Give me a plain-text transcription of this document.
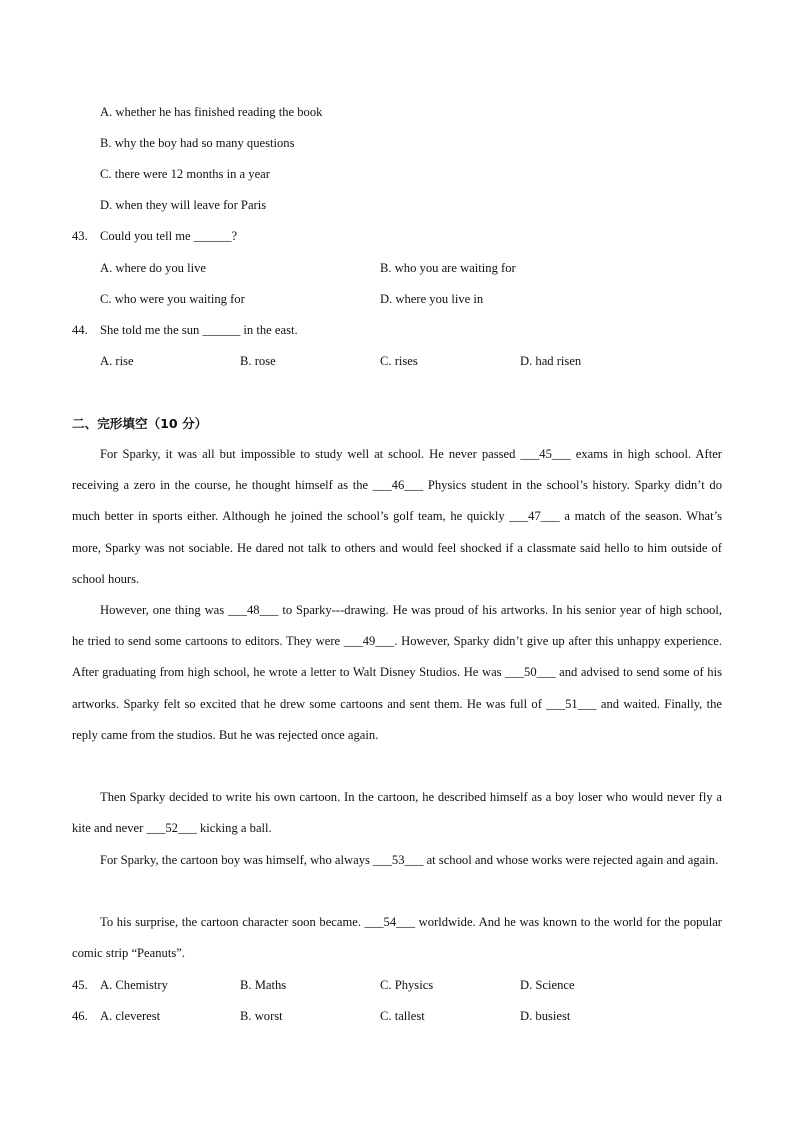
A. whether he has finished reading the book
B. why the boy had so many questions
C. there were 12 months in a year
D. when they will leave for Paris
43. Could you tell me ______?
A. where do you live	B. who you are waiting for
C. who were you waiting for	D. where you live in
44. She told me the sun ______ in the east.
A. rise	B. rose	C. rises	D. had risen
二、完形填空（10 分）
For Sparky, it was all but impossible to study well at school. He never passed ___45___ exams in high school. After receiving a zero in the course, he thought himself as the ___46___ Physics student in the school’s history. Sparky didn’t do much better in sports either. Although he joined the school’s golf team, he quickly ___47___ a match of the season. What’s more, Sparky was not sociable. He dared not talk to others and would feel shocked if a classmate said hello to him outside of school hours.
However, one thing was ___48___ to Sparky---drawing. He was proud of his artworks. In his senior year of high school, he tried to send some cartoons to editors. They were ___49___. However, Sparky didn’t give up after this unhappy experience. After graduating from high school, he wrote a letter to Walt Disney Studios. He was ___50___ and advised to send some of his artworks. Sparky felt so excited that he drew some cartoons and sent them. He was full of ___51___ and waited. Finally, the reply came from the studios. But he was rejected once again.
Then Sparky decided to write his own cartoon. In the cartoon, he described himself as a boy loser who would never fly a kite and never ___52___ kicking a ball.
For Sparky, the cartoon boy was himself, who always ___53___ at school and whose works were rejected again and again.
To his surprise, the cartoon character soon became. ___54___ worldwide. And he was known to the world for the popular comic strip “Peanuts”.
45. A. Chemistry	B. Maths	C. Physics	D. Science
46. A. cleverest	B. worst	C. tallest	D. busiest
